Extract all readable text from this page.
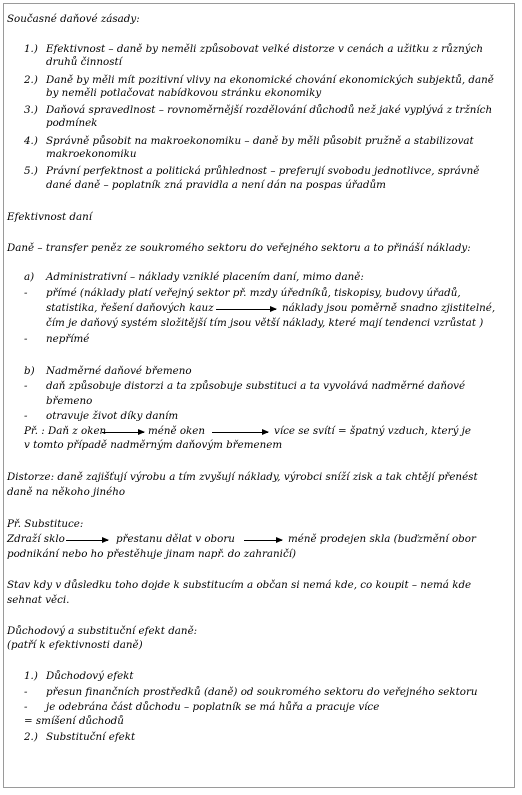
Současné daňové zásady:
1.) Efektivnost – daně by neměli způsobovat velké distorze v cenách a užitku z různých
druhů činností
2.) Daně by měli mít pozitivní vlivy na ekonomické chování ekonomických subjektů, daně
by neměli potlačovat nabídkovou stránku ekonomiky
3.) Daňová spravedlnost – rovnoměrnější rozdělování důchodů než jaké vyplývá z tržních
podmínek
4.) Správně působit na makroekonomiku – daně by měli působit pružně a stabilizovat
makroekonomiku
5.) Právní perfektnost a politická průhlednost – preferují svobodu jednotlivce, správně
dané daně – poplatník zná pravidla a není dán na pospas úřadům
Efektivnost daní
Daně – transfer peněz ze soukromého sektoru do veřejného sektoru a to přináší náklady:
a) Administrativní – náklady vzniklé placením daní, mimo daně:
- přímé (náklady platí veřejný sektor př. mzdy úředníků, tiskopisy, budovy úřadů,
statistika, řešení daňových kauz	náklady jsou poměrně snadno zjistitelné,
čím je daňový systém složitější tím jsou větší náklady, které mají tendenci vzrůstat )
- nepřímé
b) Nadměrné daňové břemeno
- daň způsobuje distorzi a ta způsobuje substituci a ta vyvolává nadměrné daňové
břemeno
- otravuje život díky daním
Př. : Daň z oken	méně oken	více se svítí = špatný vzduch, který je
v tomto případě nadměrným daňovým břemenem
Distorze: daně zajišťují výrobu a tím zvyšují náklady, výrobci sníží zisk a tak chtějí přenést
daně na někoho jiného
Př. Substituce:
Zdraží sklo	přestanu dělat v oboru	méně prodejen skla (buďzmění obor
podnikání nebo ho přestěhuje jinam např. do zahraničí)
Stav kdy v důsledku toho dojde k substitucím a občan si nemá kde, co koupit – nemá kde
sehnat věci.
Důchodový a substituční efekt daně:
(patří k efektivnosti daně)
1.) Důchodový efekt
- přesun finančních prostředků (daně) od soukromého sektoru do veřejného sektoru
- je odebrána část důchodu – poplatník se má hůřa a pracuje více
= smíšení důchodů
2.) Substituční efekt
